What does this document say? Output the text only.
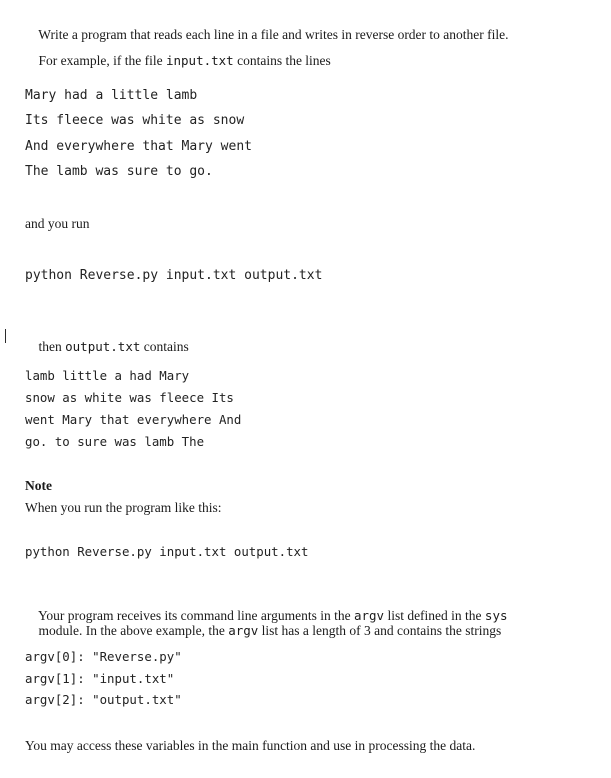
Write a program that reads each line in a file and writes in reverse order to another file.

For example, if the file input.txt contains the lines

Mary had a little lamb
Its fleece was white as snow
And everywhere that Mary went
The lamb was sure to go.
and you run
python Reverse.py input.txt output.txt

then output.txt contains

lamb little a had Mary
snow as white was fleece Its
went Mary that everywhere And
go. to sure was lamb The
Note
When you run the program like this:
python Reverse.py input.txt output.txt

Your program receives its command line arguments in the argv list defined in the sys

module. In the above example, the argv list has a length of 3 and contains the strings

argv[0]: "Reverse.py"
argv[1]: "input.txt"
argv[2]: "output.txt"
You may access these variables in the main function and use in processing the data.
